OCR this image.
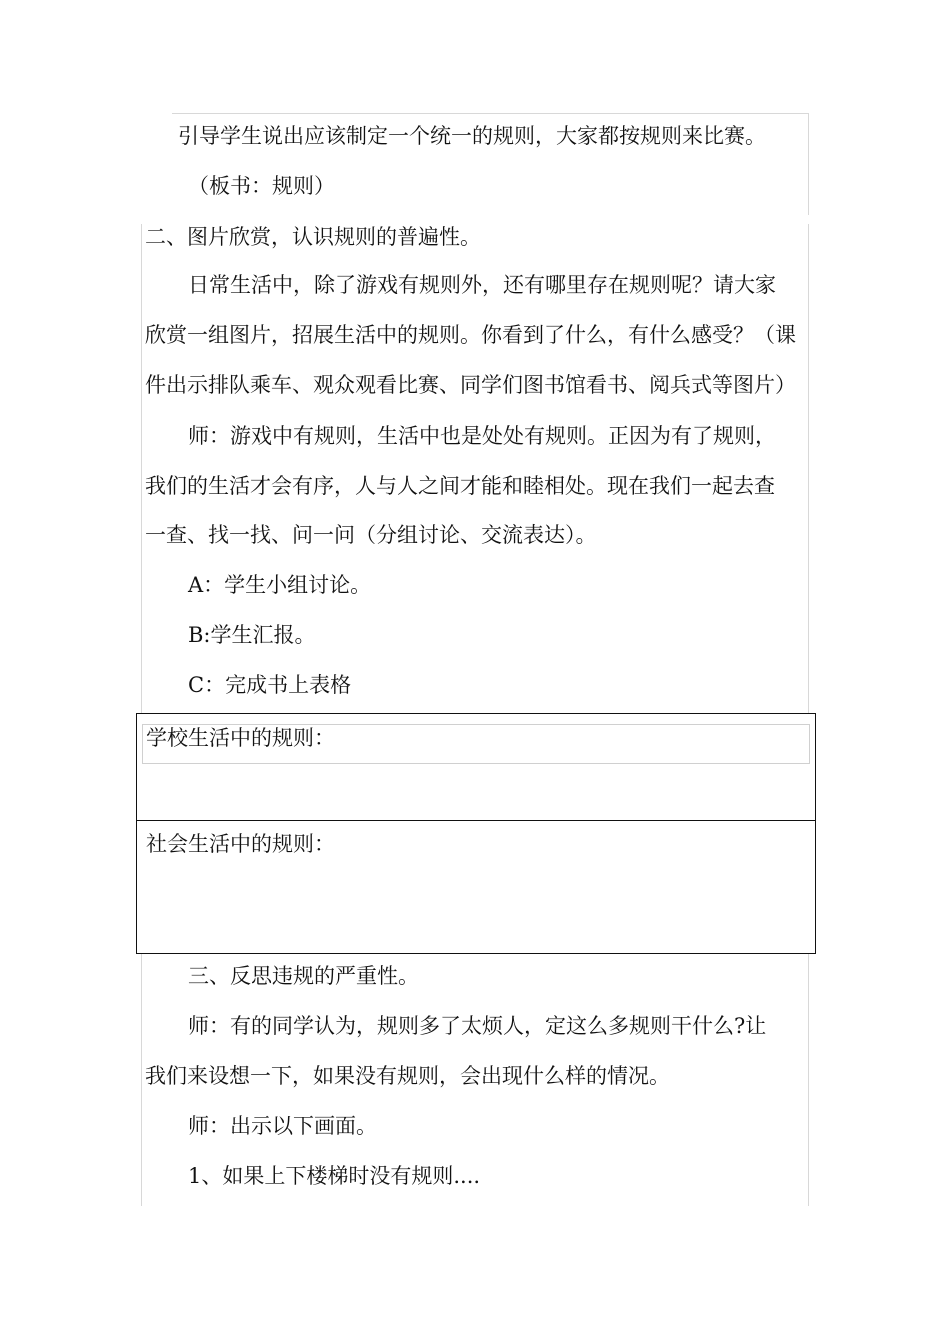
引导学生说出应该制定一个统一的规则，大家都按规则来比赛。
（板书：规则）
二、图片欣赏，认识规则的普遍性。
日常生活中，除了游戏有规则外，还有哪里存在规则呢？请大家
欣赏一组图片，招展生活中的规则。你看到了什么，有什么感受？（课
件出示排队乘车、观众观看比赛、同学们图书馆看书、阅兵式等图片）
师：游戏中有规则，生活中也是处处有规则。正因为有了规则，
我们的生活才会有序，人与人之间才能和睦相处。现在我们一起去查
一查、找一找、问一问（分组讨论、交流表达）。
A：学生小组讨论。
B:学生汇报。
C：完成书上表格
学校生活中的规则：
社会生活中的规则：
三、反思违规的严重性。
师：有的同学认为，规则多了太烦人，定这么多规则干什么?让
我们来设想一下，如果没有规则，会出现什么样的情况。
师：出示以下画面。
1、如果上下楼梯时没有规则....
